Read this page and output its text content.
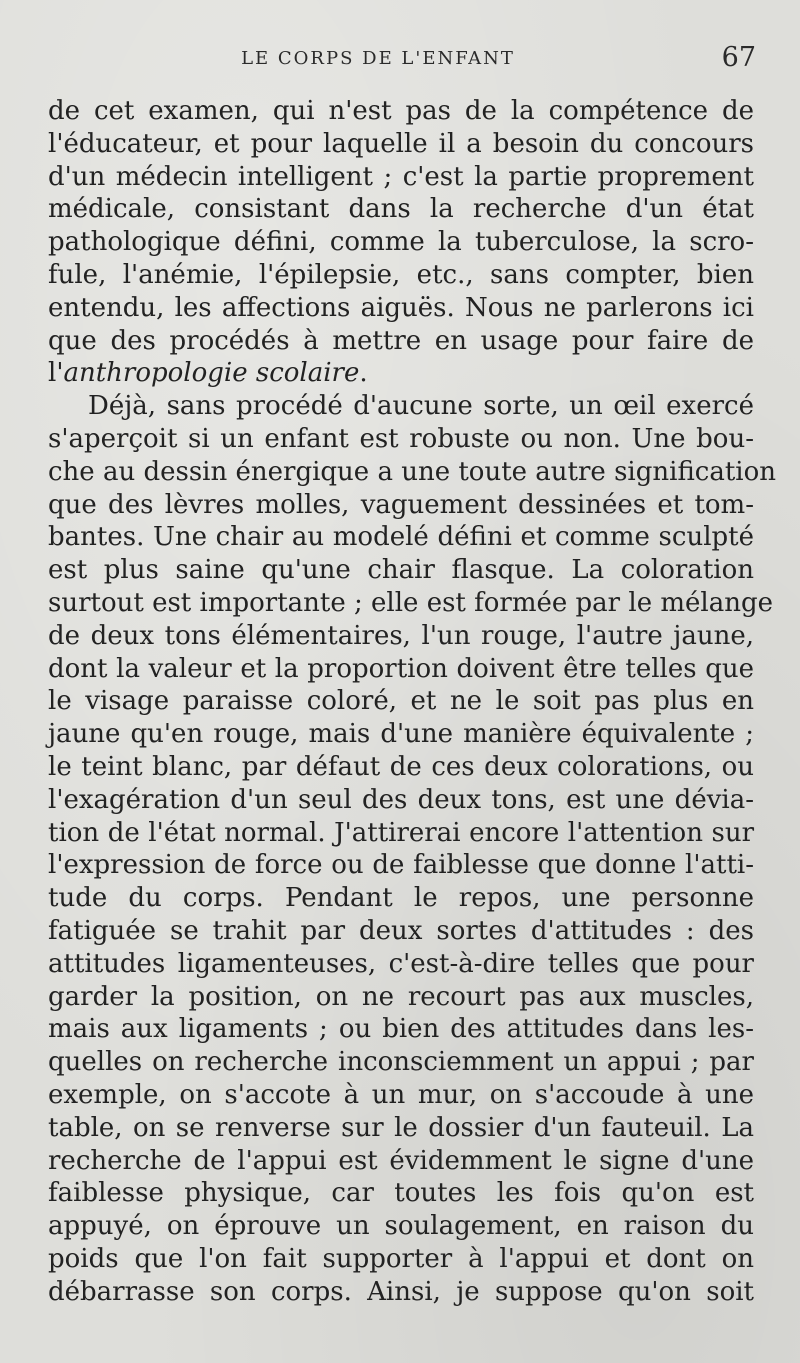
LE CORPS DE L'ENFANT	67
de cet examen, qui n'est pas de la compétence de
l'éducateur, et pour laquelle il a besoin du concours
d'un médecin intelligent ; c'est la partie proprement
médicale, consistant dans la recherche d'un état
pathologique défini, comme la tuberculose, la scro-
fule, l'anémie, l'épilepsie, etc., sans compter, bien
entendu, les affections aiguës. Nous ne parlerons ici
que des procédés à mettre en usage pour faire de
l'anthropologie scolaire.
Déjà, sans procédé d'aucune sorte, un œil exercé
s'aperçoit si un enfant est robuste ou non. Une bou-
che au dessin énergique a une toute autre signification
que des lèvres molles, vaguement dessinées et tom-
bantes. Une chair au modelé défini et comme sculpté
est plus saine qu'une chair flasque. La coloration
surtout est importante ; elle est formée par le mélange
de deux tons élémentaires, l'un rouge, l'autre jaune,
dont la valeur et la proportion doivent être telles que
le visage paraisse coloré, et ne le soit pas plus en
jaune qu'en rouge, mais d'une manière équivalente ;
le teint blanc, par défaut de ces deux colorations, ou
l'exagération d'un seul des deux tons, est une dévia-
tion de l'état normal. J'attirerai encore l'attention sur
l'expression de force ou de faiblesse que donne l'atti-
tude du corps. Pendant le repos, une personne
fatiguée se trahit par deux sortes d'attitudes : des
attitudes ligamenteuses, c'est-à-dire telles que pour
garder la position, on ne recourt pas aux muscles,
mais aux ligaments ; ou bien des attitudes dans les-
quelles on recherche inconsciemment un appui ; par
exemple, on s'accote à un mur, on s'accoude à une
table, on se renverse sur le dossier d'un fauteuil. La
recherche de l'appui est évidemment le signe d'une
faiblesse physique, car toutes les fois qu'on est
appuyé, on éprouve un soulagement, en raison du
poids que l'on fait supporter à l'appui et dont on
débarrasse son corps. Ainsi, je suppose qu'on soit
